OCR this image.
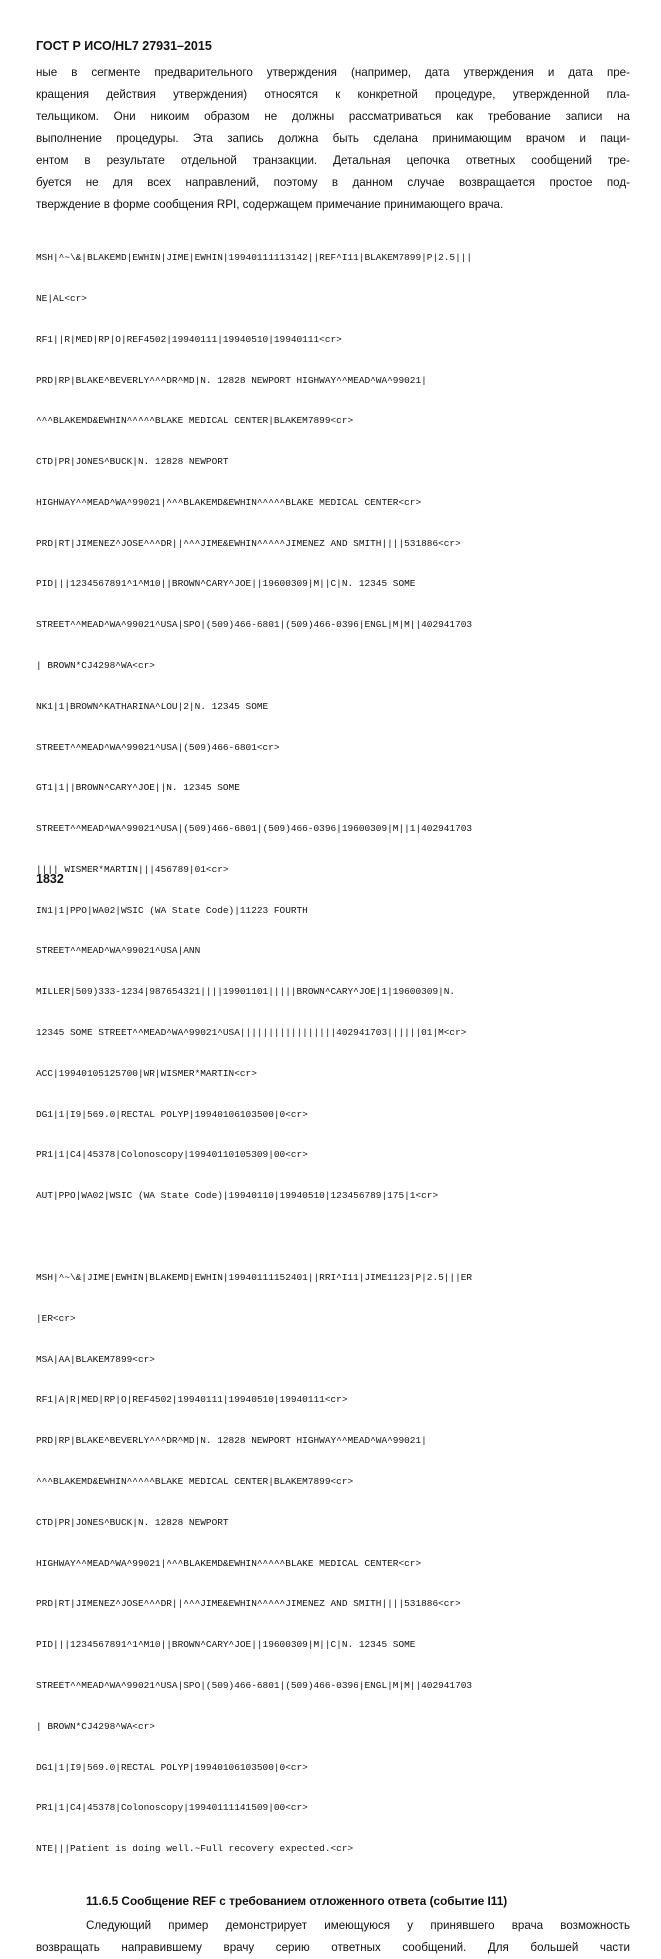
ГОСТ Р ИСО/HL7 27931–2015
ные в сегменте предварительного утверждения (например, дата утверждения и дата пре-
кращения действия утверждения) относятся к конкретной процедуре, утвержденной пла-
тельщиком. Они никоим образом не должны рассматриваться как требование записи на
выполнение процедуры. Эта запись должна быть сделана принимающим врачом и паци-
ентом в результате отдельной транзакции. Детальная цепочка ответных сообщений тре-
буется не для всех направлений, поэтому в данном случае возвращается простое под-
тверждение в форме сообщения RPI, содержащем примечание принимающего врача.

MSH|^~\&|BLAKEMD|EWHIN|JIME|EWHIN|19940111113142||REF^I11|BLAKEM7899|P|2.5|||

NE|AL<cr>

RF1||R|MED|RP|O|REF4502|19940111|19940510|19940111<cr>

PRD|RP|BLAKE^BEVERLY^^^DR^MD|N. 12828 NEWPORT HIGHWAY^^MEAD^WA^99021|

^^^BLAKEMD&EWHIN^^^^^BLAKE MEDICAL CENTER|BLAKEM7899<cr>

CTD|PR|JONES^BUCK|N. 12828 NEWPORT

HIGHWAY^^MEAD^WA^99021|^^^BLAKEMD&EWHIN^^^^^BLAKE MEDICAL CENTER<cr>

PRD|RT|JIMENEZ^JOSE^^^DR||^^^JIME&EWHIN^^^^^JIMENEZ AND SMITH||||531886<cr>

PID|||1234567891^1^M10||BROWN^CARY^JOE||19600309|M||C|N. 12345 SOME

STREET^^MEAD^WA^99021^USA|SPO|(509)466-6801|(509)466-0396|ENGL|M|M||402941703

| BROWN*CJ4298^WA<cr>

NK1|1|BROWN^KATHARINA^LOU|2|N. 12345 SOME

STREET^^MEAD^WA^99021^USA|(509)466-6801<cr>

GT1|1||BROWN^CARY^JOE||N. 12345 SOME

STREET^^MEAD^WA^99021^USA|(509)466-6801|(509)466-0396|19600309|M||1|402941703

|||| WISMER*MARTIN|||456789|01<cr>

IN1|1|PPO|WA02|WSIC (WA State Code)|11223 FOURTH

STREET^^MEAD^WA^99021^USA|ANN

MILLER|509)333-1234|987654321||||19901101|||||BROWN^CARY^JOE|1|19600309|N.

12345 SOME STREET^^MEAD^WA^99021^USA|||||||||||||||||402941703||||||01|M<cr>

ACC|19940105125700|WR|WISMER*MARTIN<cr>

DG1|1|I9|569.0|RECTAL POLYP|19940106103500|0<cr>

PR1|1|C4|45378|Colonoscopy|19940110105309|00<cr>

AUT|PPO|WA02|WSIC (WA State Code)|19940110|19940510|123456789|175|1<cr>

MSH|^~\&|JIME|EWHIN|BLAKEMD|EWHIN|19940111152401||RRI^I11|JIME1123|P|2.5|||ER

|ER<cr>

MSA|AA|BLAKEM7899<cr>

RF1|A|R|MED|RP|O|REF4502|19940111|19940510|19940111<cr>

PRD|RP|BLAKE^BEVERLY^^^DR^MD|N. 12828 NEWPORT HIGHWAY^^MEAD^WA^99021|

^^^BLAKEMD&EWHIN^^^^^BLAKE MEDICAL CENTER|BLAKEM7899<cr>

CTD|PR|JONES^BUCK|N. 12828 NEWPORT

HIGHWAY^^MEAD^WA^99021|^^^BLAKEMD&EWHIN^^^^^BLAKE MEDICAL CENTER<cr>

PRD|RT|JIMENEZ^JOSE^^^DR||^^^JIME&EWHIN^^^^^JIMENEZ AND SMITH||||531886<cr>

PID|||1234567891^1^M10||BROWN^CARY^JOE||19600309|M||C|N. 12345 SOME

STREET^^MEAD^WA^99021^USA|SPO|(509)466-6801|(509)466-0396|ENGL|M|M||402941703

| BROWN*CJ4298^WA<cr>

DG1|1|I9|569.0|RECTAL POLYP|19940106103500|0<cr>

PR1|1|C4|45378|Colonoscopy|19940111141509|00<cr>

NTE|||Patient is doing well.~Full recovery expected.<cr>

11.6.5 Сообщение REF с требованием отложенного ответа (событие I11)
Следующий пример демонстрирует имеющуюся у принявшего врача возможность
возвращать направившему врачу серию ответных сообщений. Для большей части
1832
